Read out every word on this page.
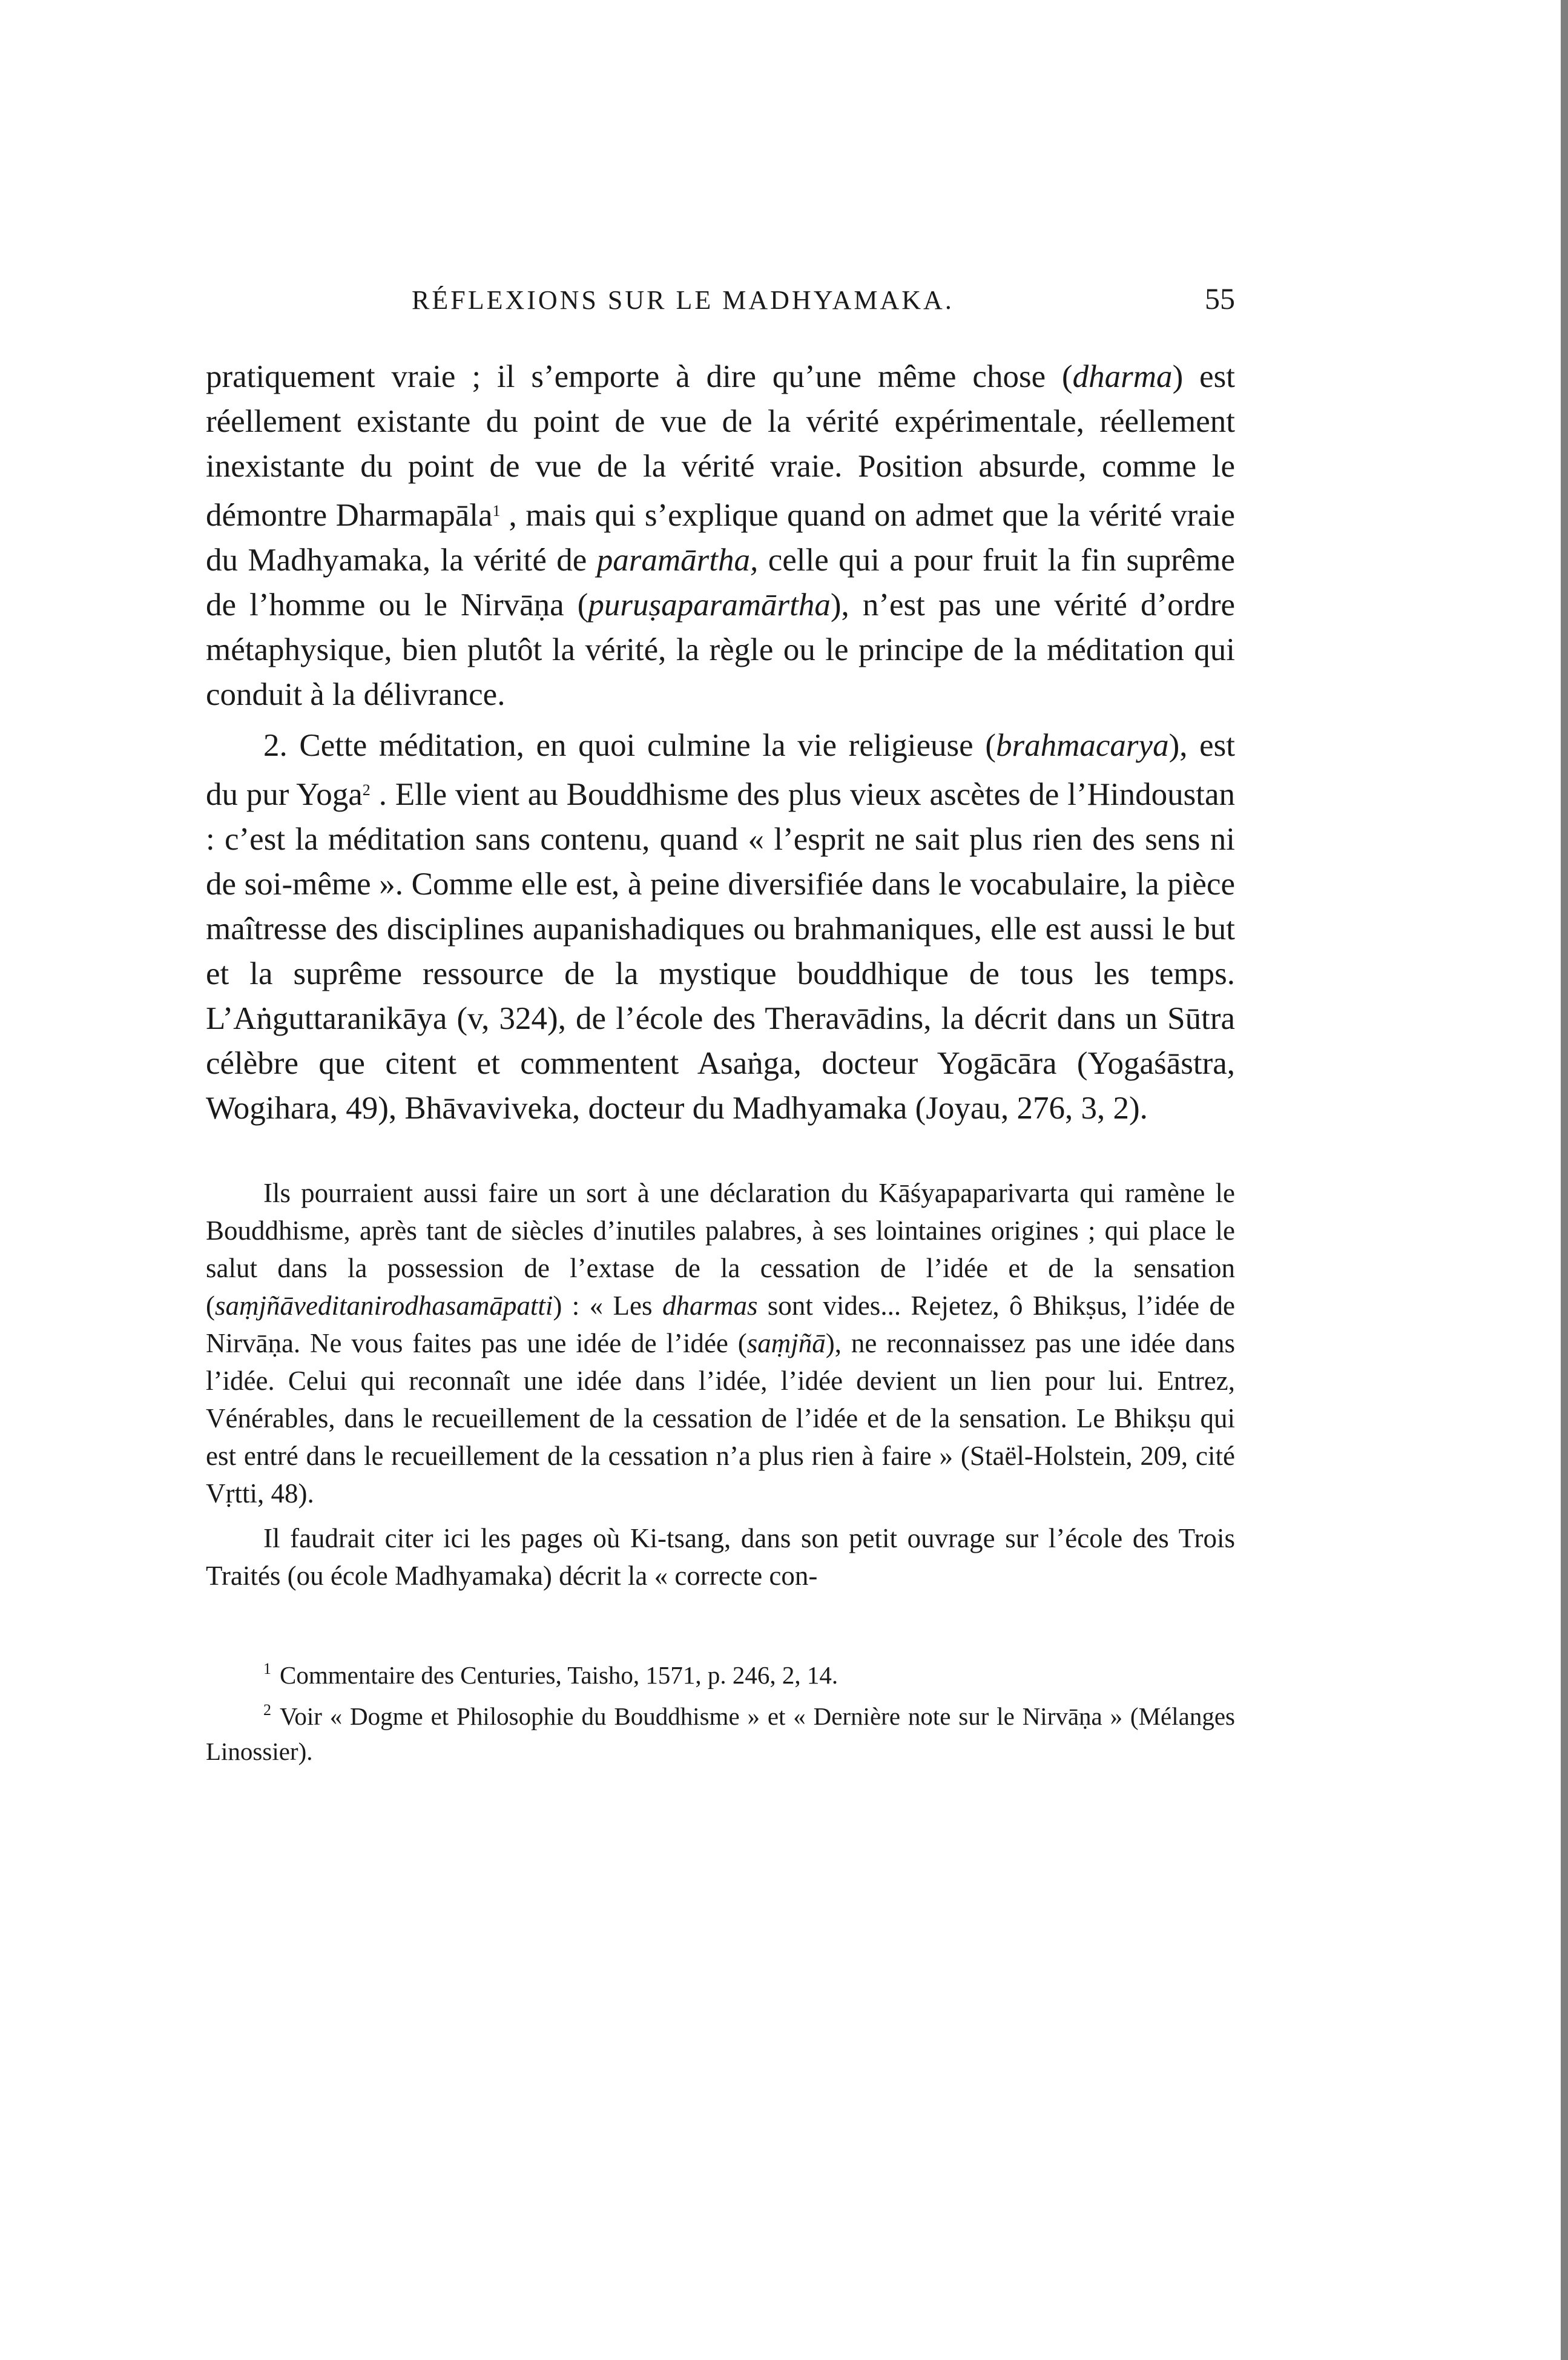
RÉFLEXIONS SUR LE MADHYAMAKA.	55

pratiquement vraie ; il s’emporte à dire qu’une même chose (dharma) est réellement existante du point de vue de la vérité expérimentale, réellement inexistante du point de vue de la vérité vraie. Position absurde, comme le démontre Dharmapāla$^1$ , mais qui s’explique quand on admet que la vérité vraie du Madhyamaka, la vérité de paramārtha, celle qui a pour fruit la fin suprême de l’homme ou le Nirvāṇa (puruṣaparamārtha), n’est pas une vérité d’ordre métaphysique, bien plutôt la vérité, la règle ou le principe de la méditation qui conduit à la délivrance.

2. Cette méditation, en quoi culmine la vie religieuse (brahmacarya), est du pur Yoga$^2$ . Elle vient au Bouddhisme des plus vieux ascètes de l’Hindoustan : c’est la méditation sans contenu, quand « l’esprit ne sait plus rien des sens ni de soi-même ». Comme elle est, à peine diversifiée dans le vocabulaire, la pièce maîtresse des disciplines aupanishadiques ou brahmaniques, elle est aussi le but et la suprême ressource de la mystique bouddhique de tous les temps. L’Aṅguttaranikāya (v, 324), de l’école des Theravādins, la décrit dans un Sūtra célèbre que citent et commentent Asaṅga, docteur Yogācāra (Yogaśāstra, Wogihara, 49), Bhāvaviveka, docteur du Madhyamaka (Joyau, 276, 3, 2).

Ils pourraient aussi faire un sort à une déclaration du Kāśyapaparivarta qui ramène le Bouddhisme, après tant de siècles d’inutiles palabres, à ses lointaines origines ; qui place le salut dans la possession de l’extase de la cessation de l’idée et de la sensation (saṃjñāveditanirodhasamāpatti) : « Les dharmas sont vides... Rejetez, ô Bhikṣus, l’idée de Nirvāṇa. Ne vous faites pas une idée de l’idée (saṃjñā), ne reconnaissez pas une idée dans l’idée. Celui qui reconnaît une idée dans l’idée, l’idée devient un lien pour lui. Entrez, Vénérables, dans le recueillement de la cessation de l’idée et de la sensation. Le Bhikṣu qui est entré dans le recueillement de la cessation n’a plus rien à faire » (Staël-Holstein, 209, cité Vṛtti, 48).

Il faudrait citer ici les pages où Ki-tsang, dans son petit ouvrage sur l’école des Trois Traités (ou école Madhyamaka) décrit la « correcte con-

$^1$ Commentaire des Centuries, Taisho, 1571, p. 246, 2, 14.

$^2$ Voir « Dogme et Philosophie du Bouddhisme » et « Dernière note sur le Nirvāṇa » (Mélanges Linossier).
